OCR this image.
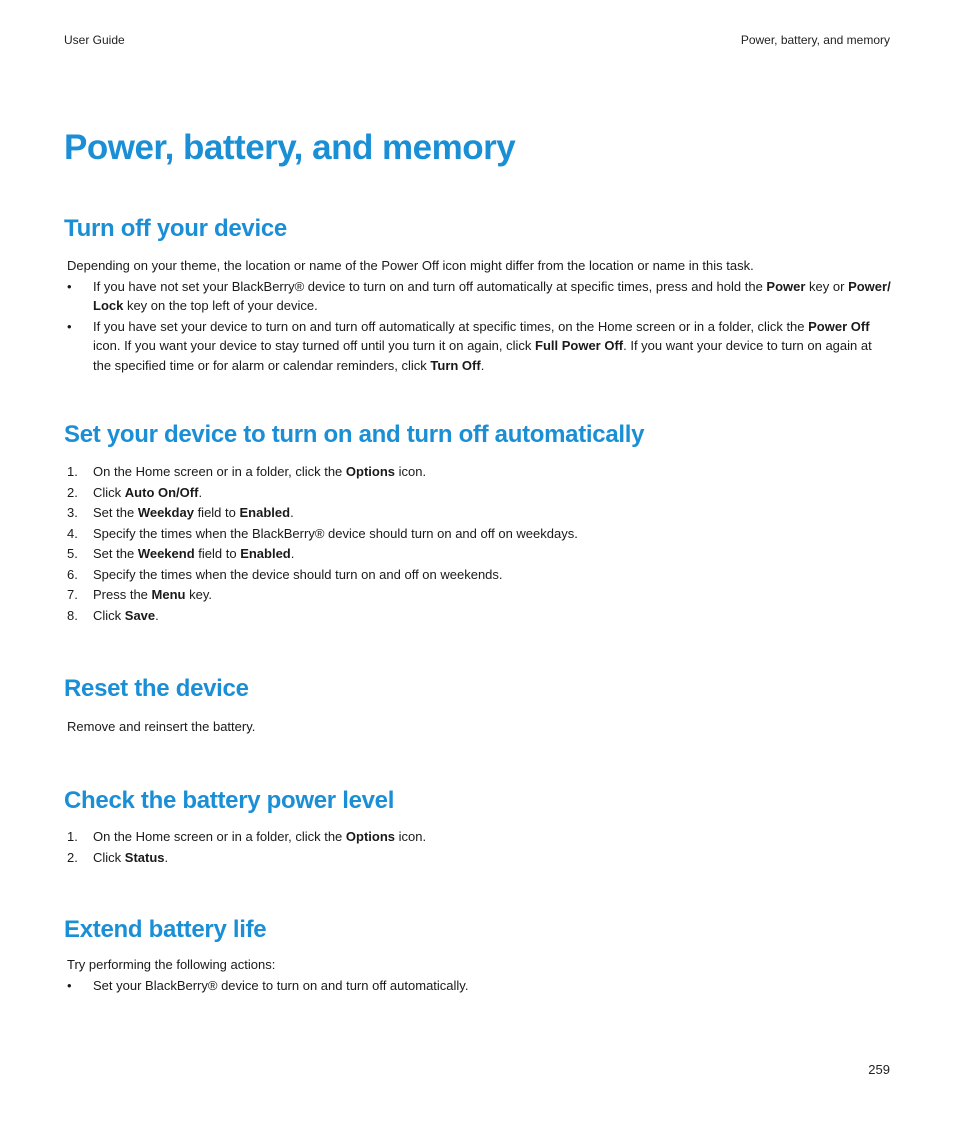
User Guide	Power, battery, and memory
Power, battery, and memory
Turn off your device
Depending on your theme, the location or name of the Power Off icon might differ from the location or name in this task.
• If you have not set your BlackBerry® device to turn on and turn off automatically at specific times, press and hold the Power key or Power/ Lock key on the top left of your device.
• If you have set your device to turn on and turn off automatically at specific times, on the Home screen or in a folder, click the Power Off icon. If you want your device to stay turned off until you turn it on again, click Full Power Off. If you want your device to turn on again at the specified time or for alarm or calendar reminders, click Turn Off.
Set your device to turn on and turn off automatically
1. On the Home screen or in a folder, click the Options icon.
2. Click Auto On/Off.
3. Set the Weekday field to Enabled.
4. Specify the times when the BlackBerry® device should turn on and off on weekdays.
5. Set the Weekend field to Enabled.
6. Specify the times when the device should turn on and off on weekends.
7. Press the Menu key.
8. Click Save.
Reset the device
Remove and reinsert the battery.
Check the battery power level
1. On the Home screen or in a folder, click the Options icon.
2. Click Status.
Extend battery life
Try performing the following actions:
• Set your BlackBerry® device to turn on and turn off automatically.
259
